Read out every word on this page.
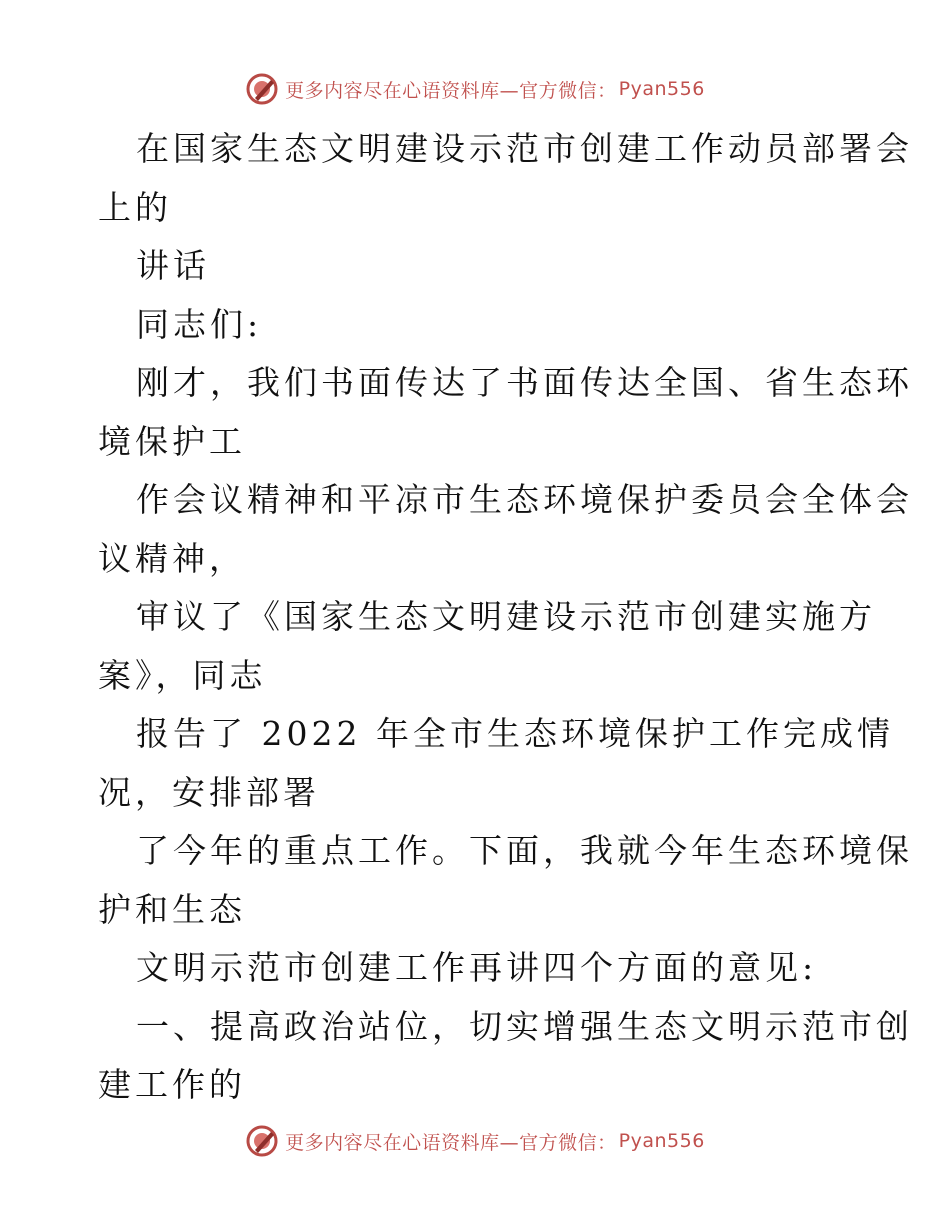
更多内容尽在心语资料库—官方微信： Pyan556
在国家生态文明建设示范市创建工作动员部署会
上的
讲话
同志们:
刚才，我们书面传达了书面传达全国、省生态环
境保护工
作会议精神和平凉市生态环境保护委员会全体会
议精神，
审议了《国家生态文明建设示范市创建实施方
案》，同志
报告了 2022 年全市生态环境保护工作完成情
况，安排部署
了今年的重点工作。下面，我就今年生态环境保
护和生态
文明示范市创建工作再讲四个方面的意见:
一、提高政治站位，切实增强生态文明示范市创
建工作的
更多内容尽在心语资料库—官方微信： Pyan556
